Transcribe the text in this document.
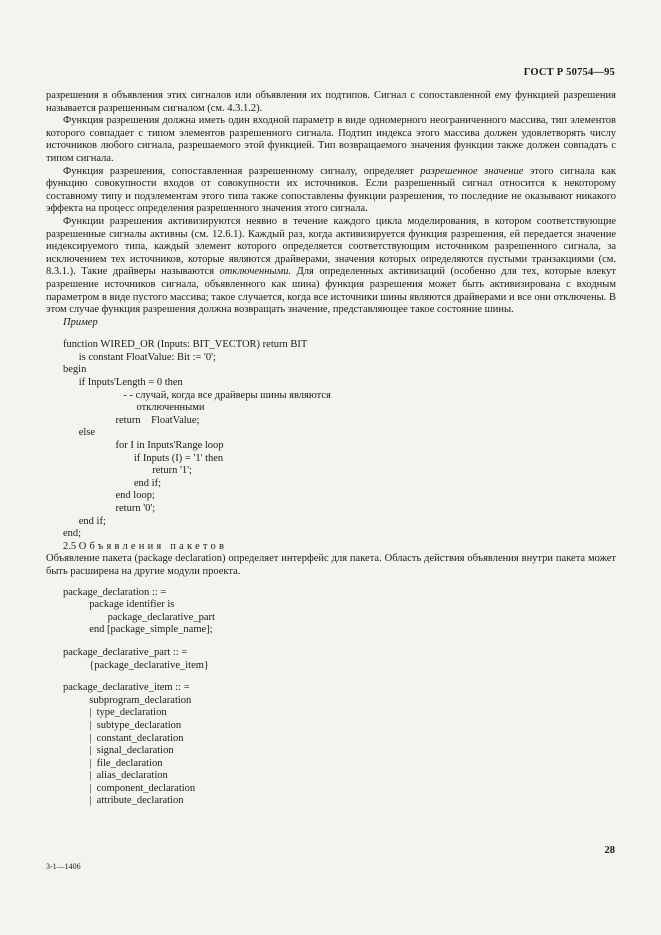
ГОСТ Р 50754—95

разрешения в объявления этих сигналов или объявления их подтипов. Сигнал с сопоставленной ему функцией разрешения называется разрешенным сигналом (см. 4.3.1.2).

Функция разрешения должна иметь один входной параметр в виде одномерного неограниченного массива, тип элементов которого совпадает с типом элементов разрешенного сигнала. Подтип индекса этого массива должен удовлетворять числу источников любого сигнала, разрешаемого этой функцией. Тип возвращаемого значения функции также должен совпадать с типом сигнала.

Функция разрешения, сопоставленная разрешенному сигналу, определяет разрешенное значение этого сигнала как функцию совокупности входов от совокупности их источников. Если разрешенный сигнал относится к некоторому составному типу и подэлементам этого типа также сопоставлены функции разрешения, то последние не оказывают никакого эффекта на процесс определения разрешенного значения этого сигнала.

Функции разрешения активизируются неявно в течение каждого цикла моделирования, в котором соответствующие разрешенные сигналы активны (см. 12.6.1). Каждый раз, когда активизируется функция разрешения, ей передается значение индексируемого типа, каждый элемент которого определяется соответствующим источником разрешенного сигнала, за исключением тех источников, которые являются драйверами, значения которых определяются пустыми транзакциями (см. 8.3.1.). Такие драйверы называются отключенными. Для определенных активизаций (особенно для тех, которые влекут разрешение источников сигнала, объявленного как шина) функция разрешения может быть активизирована с входным параметром в виде пустого массива; такое случается, когда все источники шины являются драйверами и все они отключены. В этом случае функция разрешения должна возвращать значение, представляющее такое состояние шины.

Пример

function WIRED_OR (Inputs: BIT_VECTOR) return BIT
is constant FloatValue: Bit := '0';
begin
if Inputs'Length = 0 then
- - случай, когда все драйверы шины являются
отключенными
return    FloatValue;
else
for I in Inputs'Range loop
if Inputs (I) = '1' then
return '1';
end if;
end loop;
return '0';
end if;
end;

2.5 Объявления пакетов

Объявление пакета (package declaration) определяет интерфейс для пакета. Область действия объявления внутри пакета может быть расширена на другие модули проекта.

package_declaration :: =
package identifier is
package_declarative_part
end [package_simple_name];
package_declarative_part :: =
{package_declarative_item}
package_declarative_item :: =
subprogram_declaration
|  type_declaration
|  subtype_declaration
|  constant_declaration
|  signal_declaration
|  file_declaration
|  alias_declaration
|  component_declaration
|  attribute_declaration
28
3-1—1406
